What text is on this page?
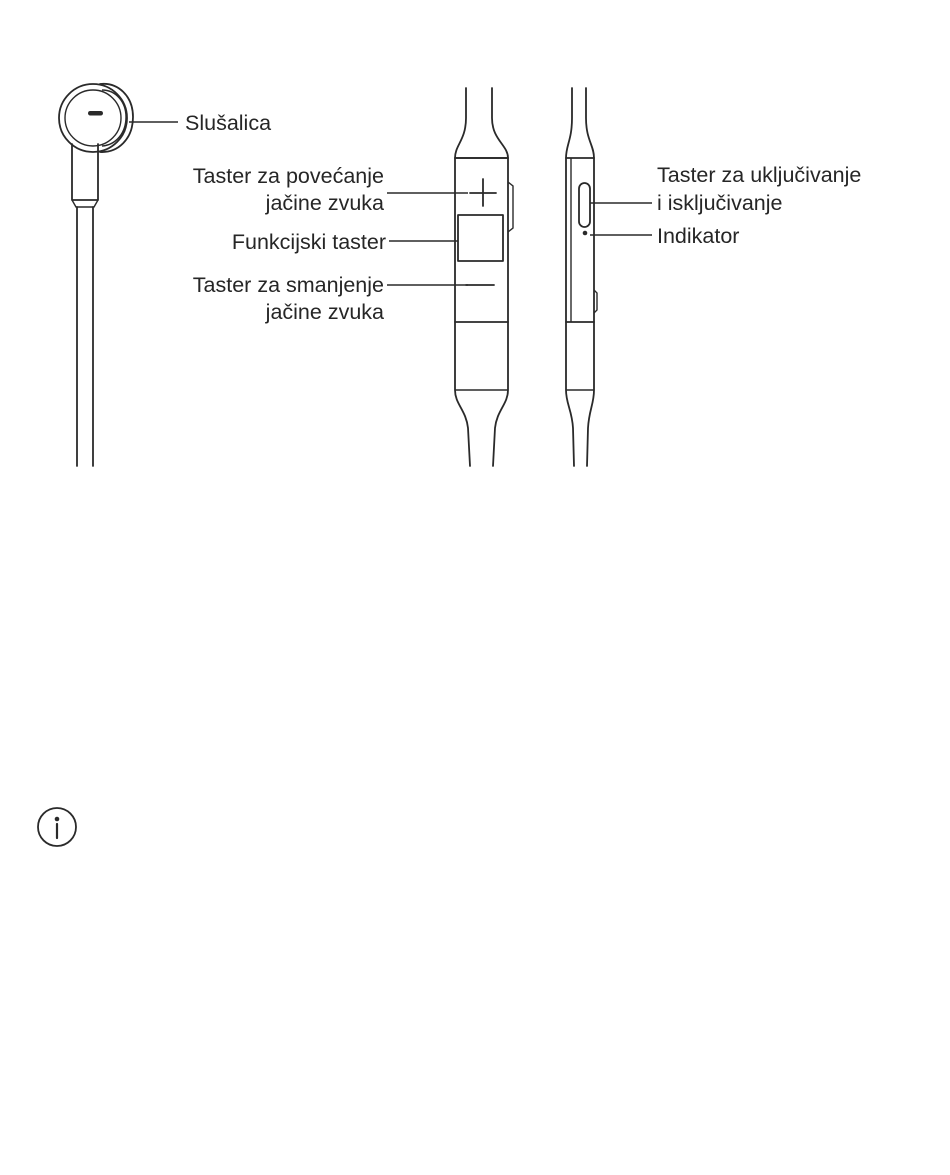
Slušalica
Taster za povećanje
jačine zvuka
Funkcijski taster
Taster za smanjenje
jačine zvuka
Taster za uključivanje
i isključivanje
Indikator
